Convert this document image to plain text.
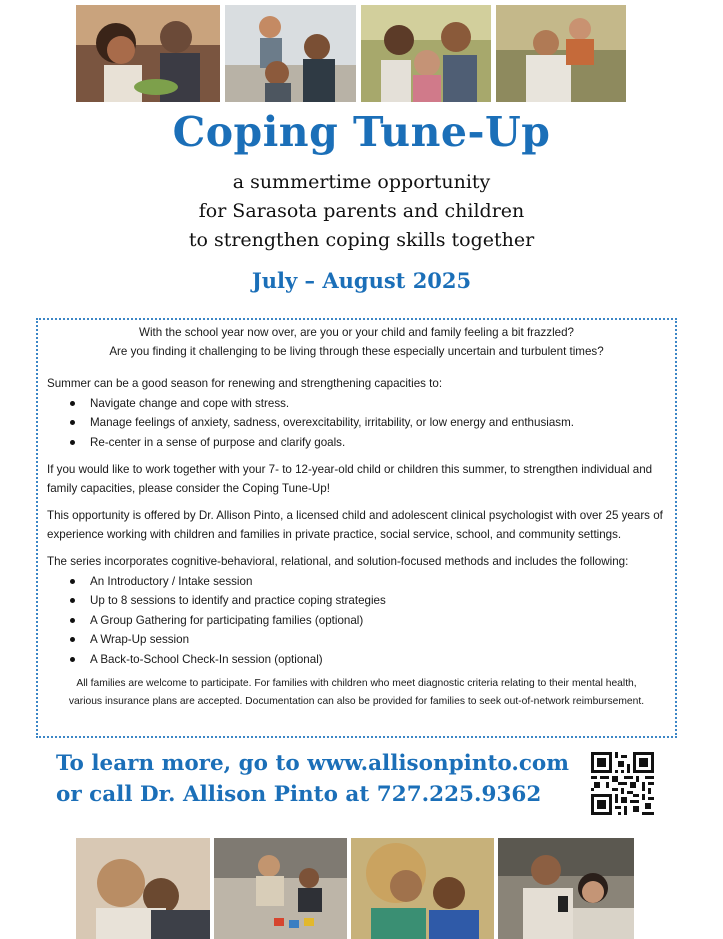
Coping Tune-Up
a summertime opportunity
for Sarasota parents and children
to strengthen coping skills together
July – August 2025
With the school year now over, are you or your child and family feeling a bit frazzled?
Are you finding it challenging to be living through these especially uncertain and turbulent times?

Summer can be a good season for renewing and strengthening capacities to:

Navigate change and cope with stress.
Manage feelings of anxiety, sadness, overexcitability, irritability, or low energy and enthusiasm.
Re-center in a sense of purpose and clarify goals.

If you would like to work together with your 7- to 12-year-old child or children this summer, to strengthen individual and family capacities, please consider the Coping Tune-Up!

This opportunity is offered by Dr. Allison Pinto, a licensed child and adolescent clinical psychologist with over 25 years of experience working with children and families in private practice, social service, school, and community settings.

The series incorporates cognitive-behavioral, relational, and solution-focused methods and includes the following:

An Introductory / Intake session
Up to 8 sessions to identify and practice coping strategies
A Group Gathering for participating families (optional)
A Wrap-Up session
A Back-to-School Check-In session (optional)
All families are welcome to participate. For families with children who meet diagnostic criteria relating to their mental health,
various insurance plans are accepted. Documentation can also be provided for families to seek out-of-network reimbursement.
To learn more, go to www.allisonpinto.com
or call Dr. Allison Pinto at 727.225.9362
